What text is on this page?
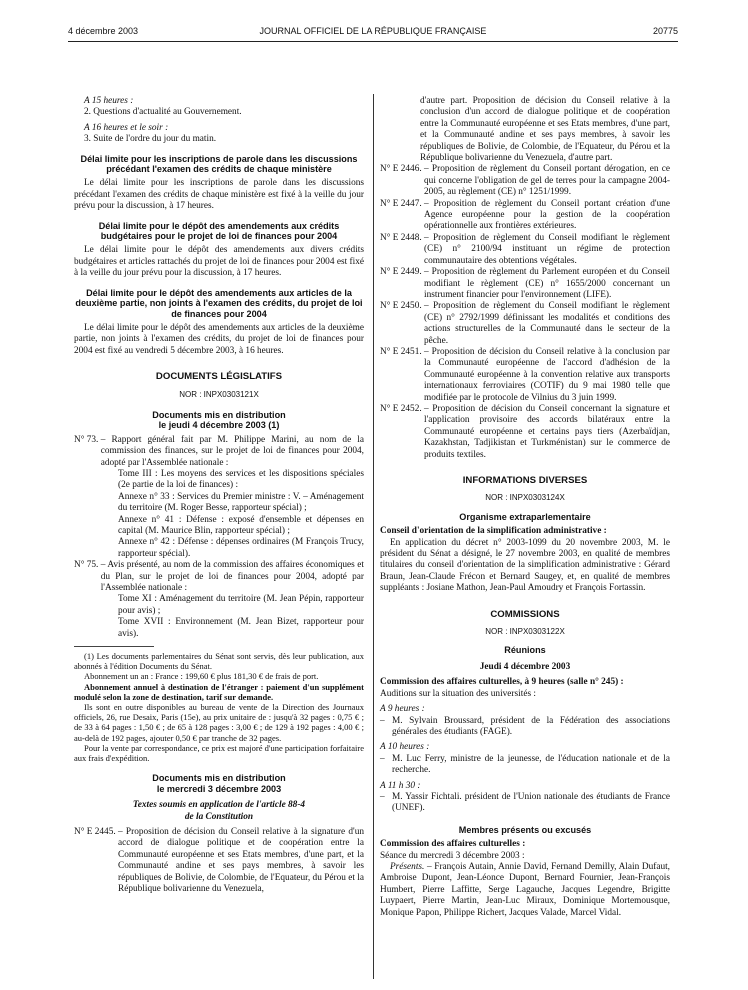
4 décembre 2003	JOURNAL OFFICIEL DE LA RÉPUBLIQUE FRANÇAISE	20775

A 15 heures :

2. Questions d'actualité au Gouvernement.

A 16 heures et le soir :

3. Suite de l'ordre du jour du matin.

Délai limite pour les inscriptions de parole dans les discussions précédant l'examen des crédits de chaque ministère

Le délai limite pour les inscriptions de parole dans les discussions précédant l'examen des crédits de chaque ministère est fixé à la veille du jour prévu pour la discussion, à 17 heures.

Délai limite pour le dépôt des amendements aux crédits budgétaires pour le projet de loi de finances pour 2004

Le délai limite pour le dépôt des amendements aux divers crédits budgétaires et articles rattachés du projet de loi de finances pour 2004 est fixé à la veille du jour prévu pour la discussion, à 17 heures.

Délai limite pour le dépôt des amendements aux articles de la deuxième partie, non joints à l'examen des crédits, du projet de loi de finances pour 2004

Le délai limite pour le dépôt des amendements aux articles de la deuxième partie, non joints à l'examen des crédits, du projet de loi de finances pour 2004 est fixé au vendredi 5 décembre 2003, à 16 heures.

DOCUMENTS LÉGISLATIFS

NOR : INPX0303121X

Documents mis en distribution

le jeudi 4 décembre 2003 (1)

N° 73.
– Rapport général fait par M. Philippe Marini, au nom de la commission des finances, sur le projet de loi de finances pour 2004, adopté par l'Assemblée nationale :

Tome III : Les moyens des services et les dispositions spéciales (2e partie de la loi de finances) :

Annexe n° 33 : Services du Premier ministre : V. – Aménagement du territoire (M. Roger Besse, rapporteur spécial) ;

Annexe n° 41 : Défense : exposé d'ensemble et dépenses en capital (M. Maurice Blin, rapporteur spécial) ;

Annexe n° 42 : Défense : dépenses ordinaires (M François Trucy, rapporteur spécial).

N° 75.
– Avis présenté, au nom de la commission des affaires économiques et du Plan, sur le projet de loi de finances pour 2004, adopté par l'Assemblée nationale :

Tome XI : Aménagement du territoire (M. Jean Pépin, rapporteur pour avis) ;

Tome XVII : Environnement (M. Jean Bizet, rapporteur pour avis).

(1) Les documents parlementaires du Sénat sont servis, dès leur publication, aux abonnés à l'édition Documents du Sénat.

Abonnement un an : France : 199,60 € plus 181,30 € de frais de port.

Abonnement annuel à destination de l'étranger : paiement d'un supplément modulé selon la zone de destination, tarif sur demande.

Ils sont en outre disponibles au bureau de vente de la Direction des Journaux officiels, 26, rue Desaix, Paris (15e), au prix unitaire de : jusqu'à 32 pages : 0,75 € ; de 33 à 64 pages : 1,50 € ; de 65 à 128 pages : 3,00 € ; de 129 à 192 pages : 4,00 € ; au-delà de 192 pages, ajouter 0,50 € par tranche de 32 pages.

Pour la vente par correspondance, ce prix est majoré d'une participation forfaitaire aux frais d'expédition.

Documents mis en distribution

le mercredi 3 décembre 2003

Textes soumis en application de l'article 88-4

de la Constitution

N° E 2445.
– Proposition de décision du Conseil relative à la signature d'un accord de dialogue politique et de coopération entre la Communauté européenne et ses Etats membres, d'une part, et la Communauté andine et ses pays membres, à savoir les républiques de Bolivie, de Colombie, de l'Equateur, du Pérou et la République bolivarienne du Venezuela,

d'autre part. Proposition de décision du Conseil relative à la conclusion d'un accord de dialogue politique et de coopération entre la Communauté européenne et ses Etats membres, d'une part, et la Communauté andine et ses pays membres, à savoir les républiques de Bolivie, de Colombie, de l'Equateur, du Pérou et la République bolivarienne du Venezuela, d'autre part.

N° E 2446.
– Proposition de règlement du Conseil portant dérogation, en ce qui concerne l'obligation de gel de terres pour la campagne 2004-2005, au règlement (CE) n° 1251/1999.
N° E 2447.
– Proposition de règlement du Conseil portant création d'une Agence européenne pour la gestion de la coopération opérationnelle aux frontières extérieures.
N° E 2448.
– Proposition de règlement du Conseil modifiant le règlement (CE) n° 2100/94 instituant un régime de protection communautaire des obtentions végétales.
N° E 2449.
– Proposition de règlement du Parlement européen et du Conseil modifiant le règlement (CE) n° 1655/2000 concernant un instrument financier pour l'environnement (LIFE).
N° E 2450.
– Proposition de règlement du Conseil modifiant le règlement (CE) n° 2792/1999 définissant les modalités et conditions des actions structurelles de la Communauté dans le secteur de la pêche.
N° E 2451.
– Proposition de décision du Conseil relative à la conclusion par la Communauté européenne de l'accord d'adhésion de la Communauté européenne à la convention relative aux transports internationaux ferroviaires (COTIF) du 9 mai 1980 telle que modifiée par le protocole de Vilnius du 3 juin 1999.
N° E 2452.
– Proposition de décision du Conseil concernant la signature et l'application provisoire des accords bilatéraux entre la Communauté européenne et certains pays tiers (Azerbaïdjan, Kazakhstan, Tadjikistan et Turkménistan) sur le commerce de produits textiles.

INFORMATIONS DIVERSES

NOR : INPX0303124X

Organisme extraparlementaire

Conseil d'orientation de la simplification administrative :

En application du décret n° 2003-1099 du 20 novembre 2003, M. le président du Sénat a désigné, le 27 novembre 2003, en qualité de membres titulaires du conseil d'orientation de la simplification administrative : Gérard Braun, Jean-Claude Frécon et Bernard Saugey, et, en qualité de membres suppléants : Josiane Mathon, Jean-Paul Amoudry et François Fortassin.

COMMISSIONS

NOR : INPX0303122X

Réunions

Jeudi 4 décembre 2003

Commission des affaires culturelles, à 9 heures (salle n° 245) :

Auditions sur la situation des universités :

A 9 heures :

– M. Sylvain Broussard, président de la Fédération des associations générales des étudiants (FAGE).

A 10 heures :

– M. Luc Ferry, ministre de la jeunesse, de l'éducation nationale et de la recherche.

A 11 h 30 :

– M. Yassir Fichtali. président de l'Union nationale des étudiants de France (UNEF).

Membres présents ou excusés

Commission des affaires culturelles :

Séance du mercredi 3 décembre 2003 :

Présents. – François Autain, Annie David, Fernand Demilly, Alain Dufaut, Ambroise Dupont, Jean-Léonce Dupont, Bernard Fournier, Jean-François Humbert, Pierre Laffitte, Serge Lagauche, Jacques Legendre, Brigitte Luypaert, Pierre Martin, Jean-Luc Miraux, Dominique Mortemousque, Monique Papon, Philippe Richert, Jacques Valade, Marcel Vidal.
